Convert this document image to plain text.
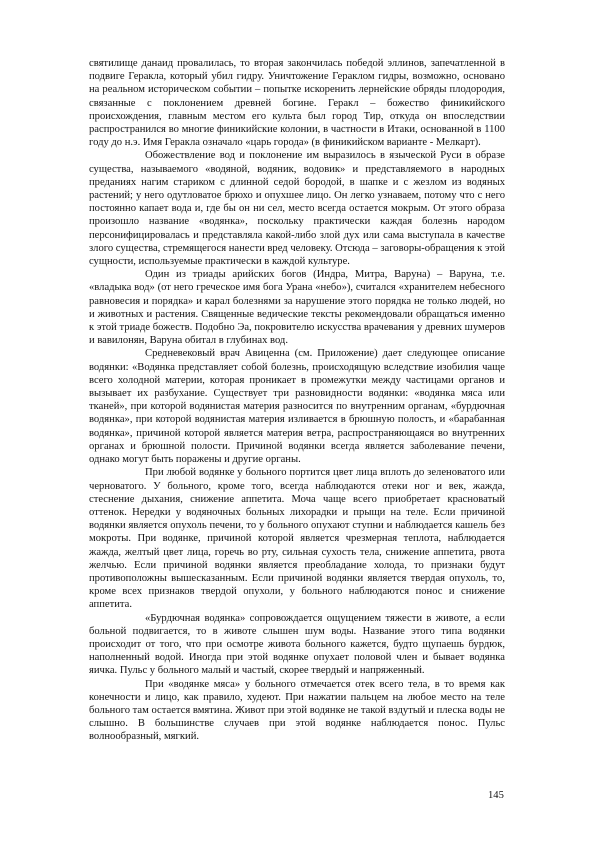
святилище данаид провалилась, то вторая закончилась победой эллинов, запечатленной в подвиге Геракла, который убил гидру. Уничтожение Гераклом гидры, возможно, основано на реальном историческом событии – попытке искоренить лернейские обряды плодородия, связанные с поклонением древней богине. Геракл – божество финикийского происхождения, главным местом его культа был город Тир, откуда он впоследствии распространился во многие финикийские колонии, в частности в Итаки, основанной в 1100 году до н.э. Имя Геракла означало «царь города» (в финикийском варианте - Мелкарт).

Обожествление вод и поклонение им выразилось в языческой Руси в образе существа, называемого «водяной, водяник, водовик» и представляемого в народных преданиях нагим стариком с длинной седой бородой, в шапке и с жезлом из водяных растений; у него одутловатое брюхо и опухшее лицо. Он легко узнаваем, потому что с него постоянно капает вода и, где бы он ни сел, место всегда остается мокрым. От этого образа произошло название «водянка», поскольку практически каждая болезнь народом персонифицировалась и представляла какой-либо злой дух или сама выступала в качестве злого существа, стремящегося нанести вред человеку. Отсюда – заговоры-обращения к этой сущности, используемые практически в каждой культуре.

Один из триады арийских богов (Индра, Митра, Варуна) – Варуна, т.е. «владыка вод» (от него греческое имя бога Урана «небо»), считался «хранителем небесного равновесия и порядка» и карал болезнями за нарушение этого порядка не только людей, но и животных и растения. Священные ведические тексты рекомендовали обращаться именно к этой триаде божеств. Подобно Эа, покровителю искусства врачевания у древних шумеров и вавилонян, Варуна обитал в глубинах вод.

Средневековый врач Авиценна (см. Приложение) дает следующее описание водянки: «Водянка представляет собой болезнь, происходящую вследствие изобилия чаще всего холодной материи, которая проникает в промежутки между частицами органов и вызывает их разбухание. Существует три разновидности водянки: «водянка мяса или тканей», при которой водянистая материя разносится по внутренним органам, «бурдючная водянка», при которой водянистая материя изливается в брюшную полость, и «барабанная водянка», причиной которой является материя ветра, распространяющаяся во внутренних органах и брюшной полости. Причиной водянки всегда является заболевание печени, однако могут быть поражены и другие органы.

При любой водянке у больного портится цвет лица вплоть до зеленоватого или черноватого. У больного, кроме того, всегда наблюдаются отеки ног и век, жажда, стеснение дыхания, снижение аппетита. Моча чаще всего приобретает красноватый оттенок. Нередки у водяночных больных лихорадки и прыщи на теле. Если причиной водянки является опухоль печени, то у больного опухают ступни и наблюдается кашель без мокроты. При водянке, причиной которой является чрезмерная теплота, наблюдается жажда, желтый цвет лица, горечь во рту, сильная сухость тела, снижение аппетита, рвота желчью. Если причиной водянки является преобладание холода, то признаки будут противоположны вышесказанным. Если причиной водянки является твердая опухоль, то, кроме всех признаков твердой опухоли, у больного наблюдаются понос и снижение аппетита.

«Бурдючная водянка» сопровождается ощущением тяжести в животе, а если больной подвигается, то в животе слышен шум воды. Название этого типа водянки происходит от того, что при осмотре живота больного кажется, будто щупаешь бурдюк, наполненный водой. Иногда при этой водянке опухает половой член и бывает водянка яичка. Пульс у больного малый и частый, скорее твердый и напряженный.

При «водянке мяса» у больного отмечается отек всего тела, в то время как конечности и лицо, как правило, худеют. При нажатии пальцем на любое место на теле больного там остается вмятина. Живот при этой водянке не такой вздутый и плеска воды не слышно. В большинстве случаев при этой водянке наблюдается понос. Пульс волнообразный, мягкий.

145
